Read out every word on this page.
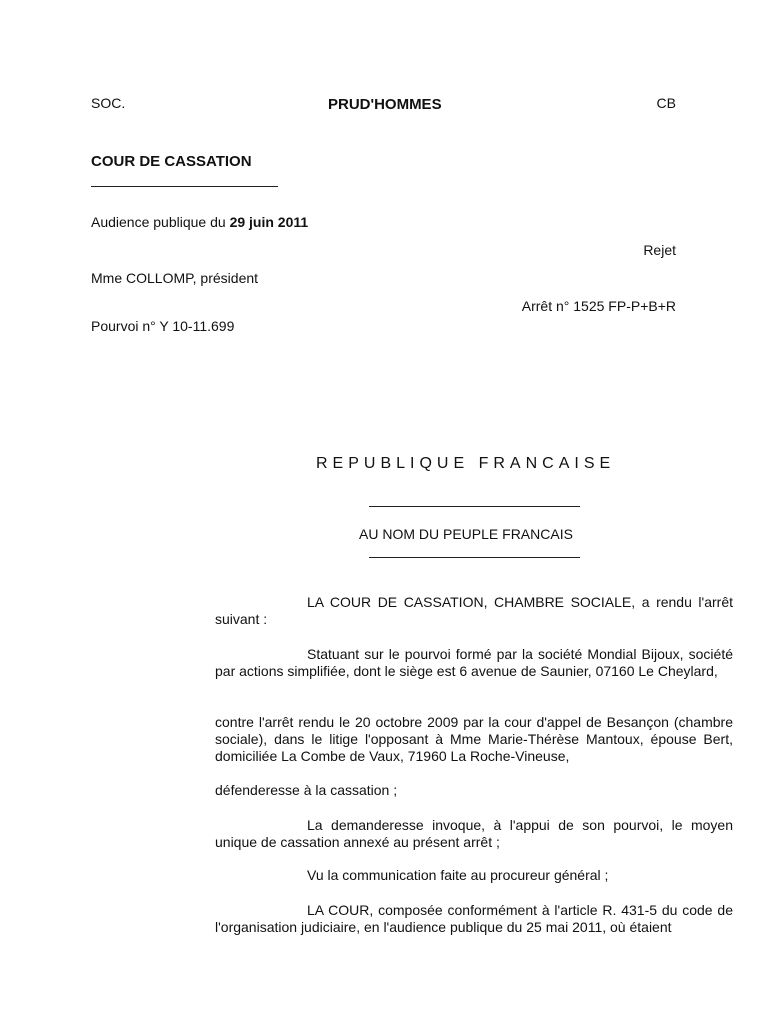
SOC.	PRUD'HOMMES	CB
COUR DE CASSATION
Audience publique du 29 juin 2011
Rejet
Mme COLLOMP, président
Arrêt n° 1525 FP-P+B+R
Pourvoi n° Y 10-11.699
REPUBLIQUE FRANCAISE
AU NOM DU PEUPLE FRANCAIS

LA COUR DE CASSATION, CHAMBRE SOCIALE, a rendu l'arrêt suivant :

Statuant sur le pourvoi formé par la société Mondial Bijoux, société par actions simplifiée, dont le siège est 6 avenue de Saunier, 07160 Le Cheylard,

contre l'arrêt rendu le 20 octobre 2009 par la cour d'appel de Besançon (chambre sociale), dans le litige l'opposant à Mme Marie-Thérèse Mantoux, épouse Bert, domiciliée La Combe de Vaux, 71960 La Roche-Vineuse,

défenderesse à la cassation ;

La demanderesse invoque, à l'appui de son pourvoi, le moyen unique de cassation annexé au présent arrêt ;

Vu la communication faite au procureur général ;

LA COUR, composée conformément à l'article R. 431-5 du code de l'organisation judiciaire, en l'audience publique du 25 mai 2011, où étaient
